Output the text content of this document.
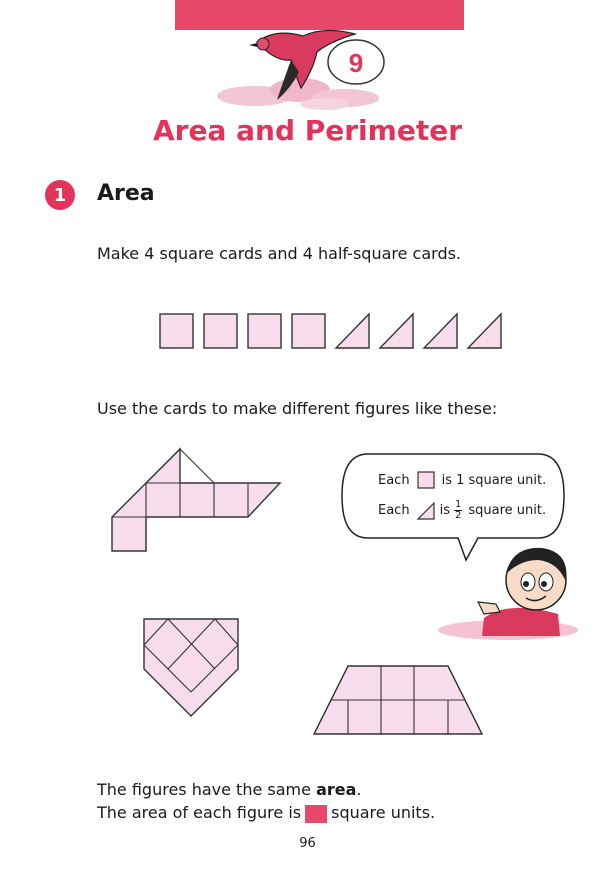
9
Area and Perimeter
1	Area
Make 4 square cards and 4 half-square cards.
Use the cards to make different figures like these:
Each is 1 square unit.
Each is $\frac{1}{2}$ square unit.
The figures have the same area.
The area of each figure is square units.
96
